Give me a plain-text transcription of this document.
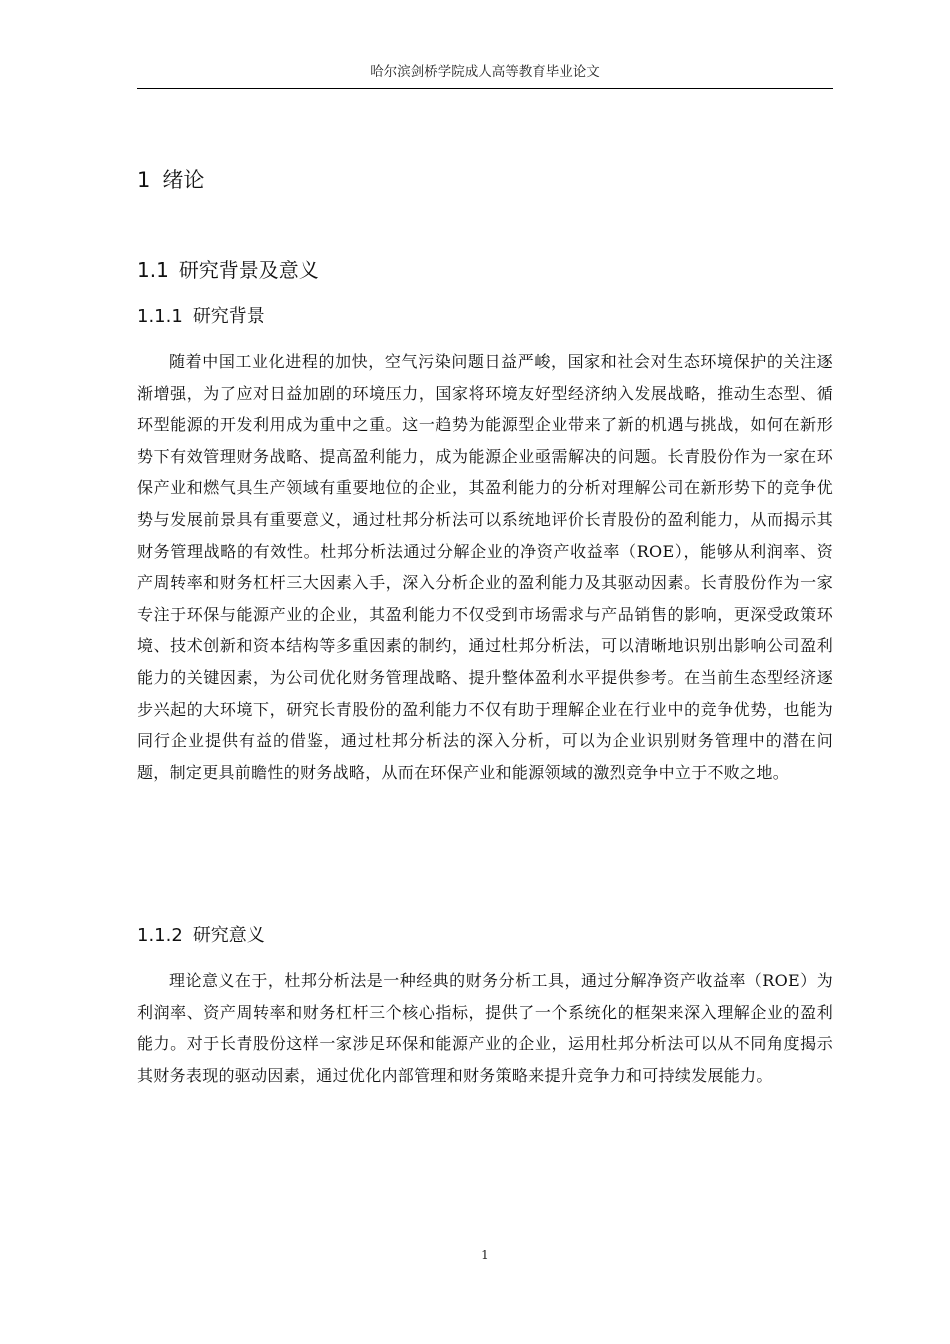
哈尔滨剑桥学院成人高等教育毕业论文
1 绪论
1.1 研究背景及意义
1.1.1 研究背景

随着中国工业化进程的加快，空气污染问题日益严峻，国家和社会对生态环境保护的关注逐渐增强，为了应对日益加剧的环境压力，国家将环境友好型经济纳入发展战略，推动生态型、循环型能源的开发利用成为重中之重。这一趋势为能源型企业带来了新的机遇与挑战，如何在新形势下有效管理财务战略、提高盈利能力，成为能源企业亟需解决的问题。长青股份作为一家在环保产业和燃气具生产领域有重要地位的企业，其盈利能力的分析对理解公司在新形势下的竞争优势与发展前景具有重要意义，通过杜邦分析法可以系统地评价长青股份的盈利能力，从而揭示其财务管理战略的有效性。杜邦分析法通过分解企业的净资产收益率（ROE），能够从利润率、资产周转率和财务杠杆三大因素入手，深入分析企业的盈利能力及其驱动因素。长青股份作为一家专注于环保与能源产业的企业，其盈利能力不仅受到市场需求与产品销售的影响，更深受政策环境、技术创新和资本结构等多重因素的制约，通过杜邦分析法，可以清晰地识别出影响公司盈利能力的关键因素，为公司优化财务管理战略、提升整体盈利水平提供参考。在当前生态型经济逐步兴起的大环境下，研究长青股份的盈利能力不仅有助于理解企业在行业中的竞争优势，也能为同行企业提供有益的借鉴，通过杜邦分析法的深入分析，可以为企业识别财务管理中的潜在问题，制定更具前瞻性的财务战略，从而在环保产业和能源领域的激烈竞争中立于不败之地。

1.1.2 研究意义

理论意义在于，杜邦分析法是一种经典的财务分析工具，通过分解净资产收益率（ROE）为利润率、资产周转率和财务杠杆三个核心指标，提供了一个系统化的框架来深入理解企业的盈利能力。对于长青股份这样一家涉足环保和能源产业的企业，运用杜邦分析法可以从不同角度揭示其财务表现的驱动因素，通过优化内部管理和财务策略来提升竞争力和可持续发展能力。

1
